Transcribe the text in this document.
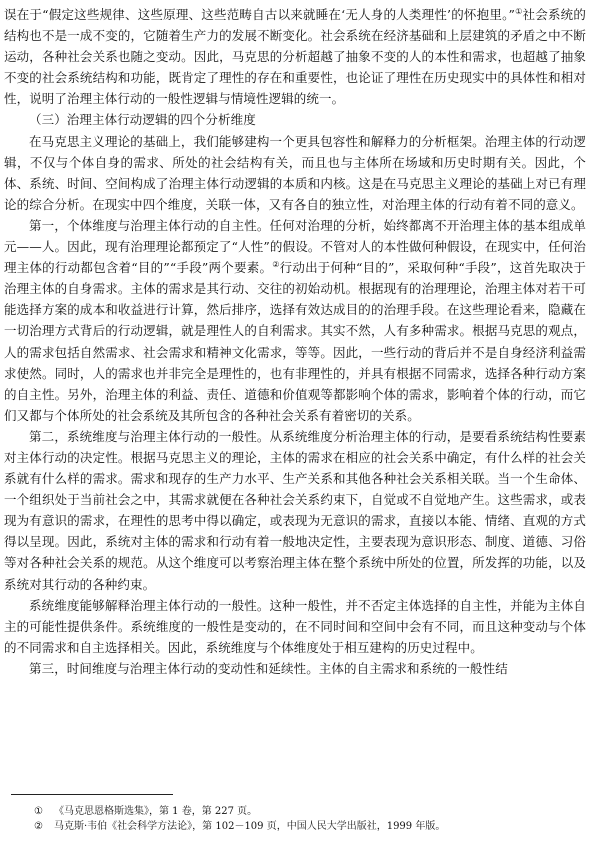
误在于“假定这些规律、这些原理、这些范畴自古以来就睡在‘无人身的人类理性’的怀抱里。”①社会系统的结构也不是一成不变的，它随着生产力的发展不断变化。社会系统在经济基础和上层建筑的矛盾之中不断运动，各种社会关系也随之变动。因此，马克思的分析超越了抽象不变的人的本性和需求，也超越了抽象不变的社会系统结构和功能，既肯定了理性的存在和重要性，也论证了理性在历史现实中的具体性和相对性，说明了治理主体行动的一般性逻辑与情境性逻辑的统一。

（三）治理主体行动逻辑的四个分析维度

在马克思主义理论的基础上，我们能够建构一个更具包容性和解释力的分析框架。治理主体的行动逻辑，不仅与个体自身的需求、所处的社会结构有关，而且也与主体所在场域和历史时期有关。因此，个体、系统、时间、空间构成了治理主体行动逻辑的本质和内核。这是在马克思主义理论的基础上对已有理论的综合分析。在现实中四个维度，关联一体，又有各自的独立性，对治理主体的行动有着不同的意义。

第一，个体维度与治理主体行动的自主性。任何对治理的分析，始终都离不开治理主体的基本组成单元——人。因此，现有治理理论都预定了“人性”的假设。不管对人的本性做何种假设，在现实中，任何治理主体的行动都包含着“目的”“手段”两个要素。②行动出于何种“目的”，采取何种“手段”，这首先取决于治理主体的自身需求。主体的需求是其行动、交往的初始动机。根据现有的治理理论，治理主体对若干可能选择方案的成本和收益进行计算，然后排序，选择有效达成目的的治理手段。在这些理论看来，隐藏在一切治理方式背后的行动逻辑，就是理性人的自利需求。其实不然，人有多种需求。根据马克思的观点，人的需求包括自然需求、社会需求和精神文化需求，等等。因此，一些行动的背后并不是自身经济利益需求使然。同时，人的需求也并非完全是理性的，也有非理性的，并具有根据不同需求，选择各种行动方案的自主性。另外，治理主体的利益、责任、道德和价值观等都影响个体的需求，影响着个体的行动，而它们又都与个体所处的社会系统及其所包含的各种社会关系有着密切的关系。

第二，系统维度与治理主体行动的一般性。从系统维度分析治理主体的行动，是要看系统结构性要素对主体行动的决定性。根据马克思主义的理论，主体的需求在相应的社会关系中确定，有什么样的社会关系就有什么样的需求。需求和现存的生产力水平、生产关系和其他各种社会关系相关联。当一个生命体、一个组织处于当前社会之中，其需求就便在各种社会关系约束下，自觉或不自觉地产生。这些需求，或表现为有意识的需求，在理性的思考中得以确定，或表现为无意识的需求，直接以本能、情绪、直观的方式得以呈现。因此，系统对主体的需求和行动有着一般地决定性，主要表现为意识形态、制度、道德、习俗等对各种社会关系的规范。从这个维度可以考察治理主体在整个系统中所处的位置，所发挥的功能，以及系统对其行动的各种约束。

系统维度能够解释治理主体行动的一般性。这种一般性，并不否定主体选择的自主性，并能为主体自主的可能性提供条件。系统维度的一般性是变动的，在不同时间和空间中会有不同，而且这种变动与个体的不同需求和自主选择相关。因此，系统维度与个体维度处于相互建构的历史过程中。

第三，时间维度与治理主体行动的变动性和延续性。主体的自主需求和系统的一般性结

① 《马克思恩格斯选集》，第 1 卷，第 227 页。

② 马克斯·韦伯《社会科学方法论》，第 102－109 页，中国人民大学出版社，1999 年版。
